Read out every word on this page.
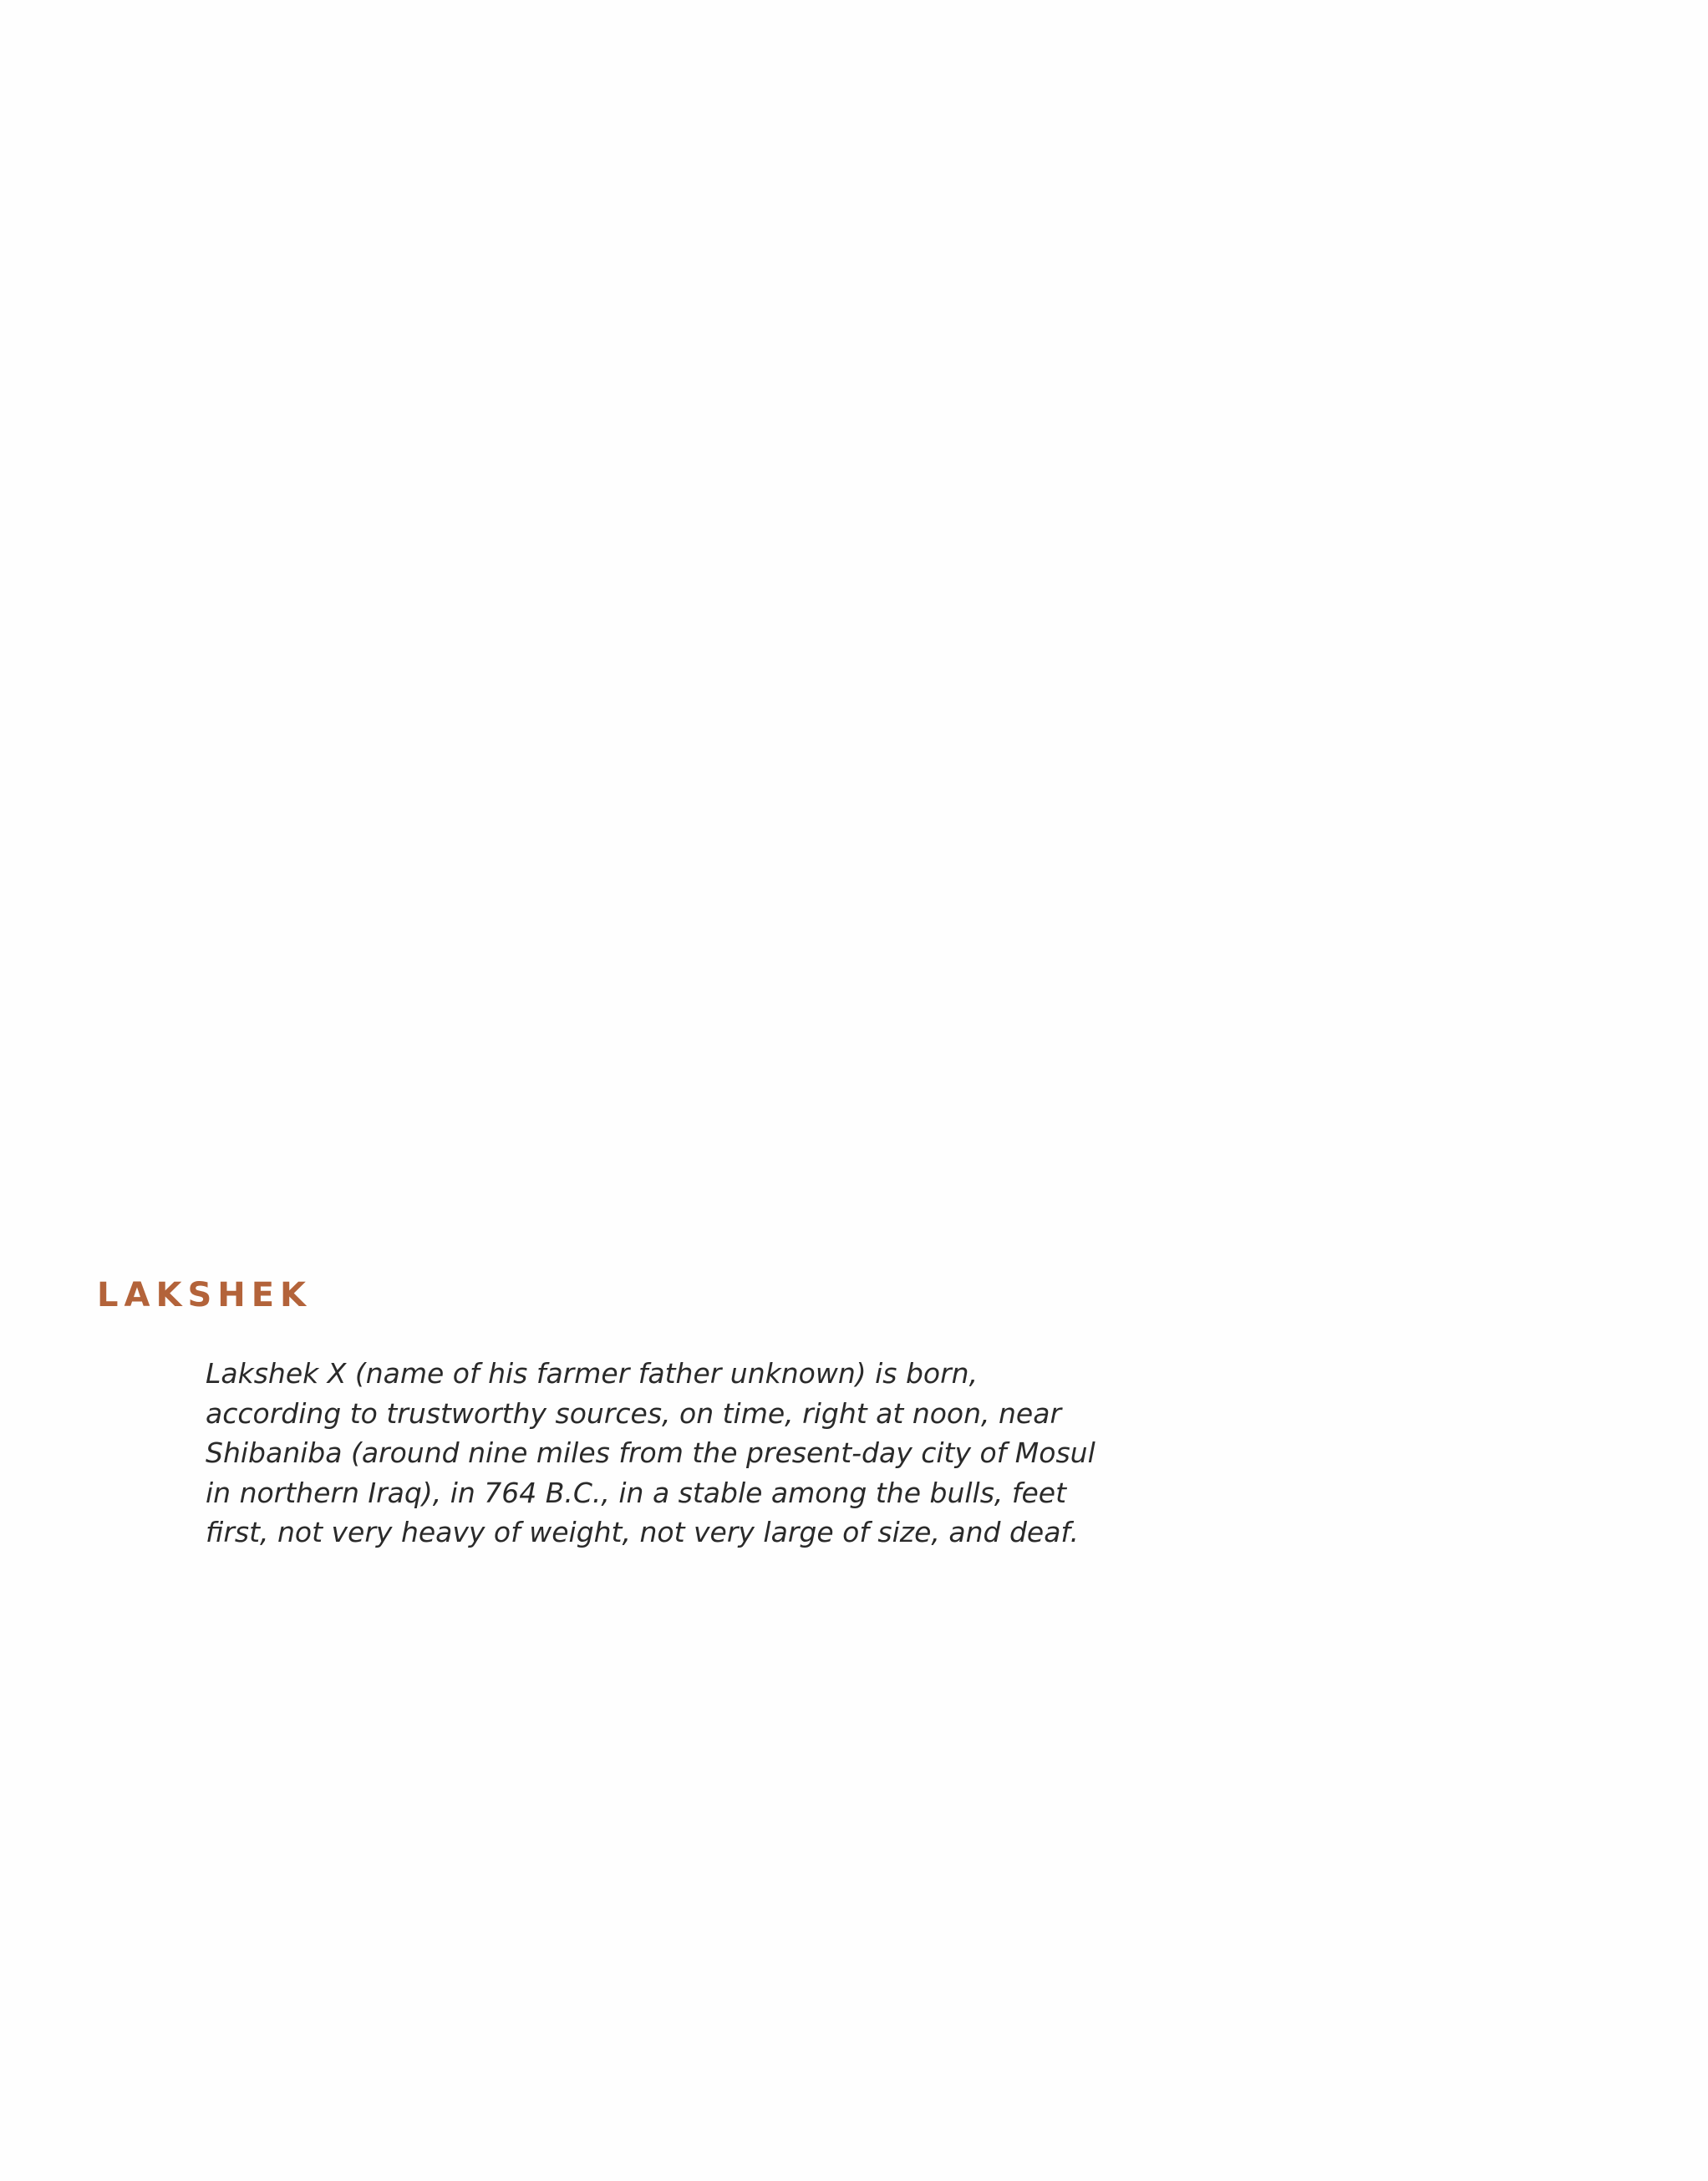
LAKSHEK

Lakshek X (name of his farmer father unknown) is born,
according to trustworthy sources, on time, right at noon, near
Shibaniba (around nine miles from the present-day city of Mosul
in northern Iraq), in 764 B.C., in a stable among the bulls, feet
first, not very heavy of weight, not very large of size, and deaf.
